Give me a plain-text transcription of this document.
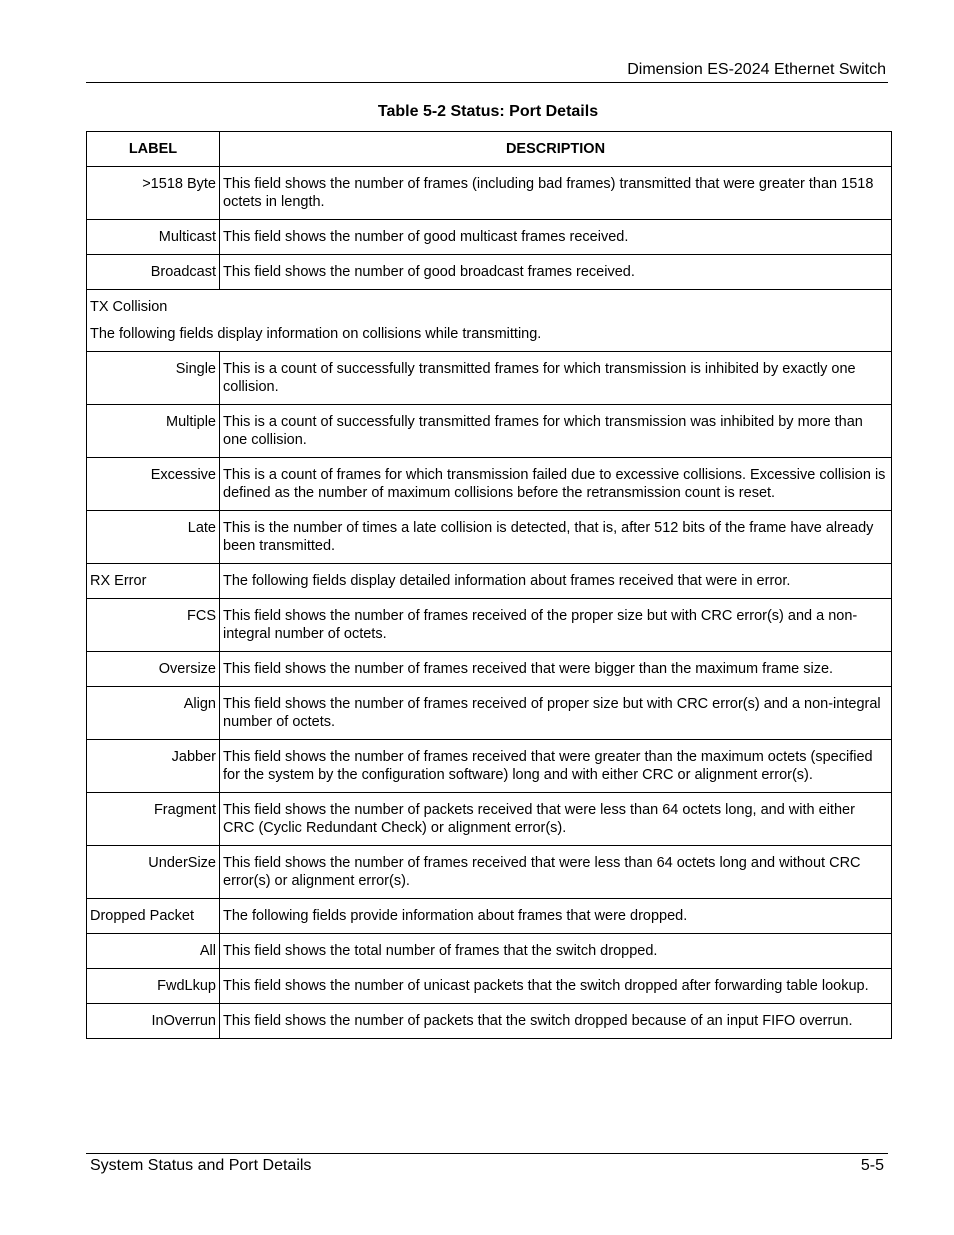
Dimension ES-2024 Ethernet Switch
Table 5-2 Status: Port Details
LABEL	DESCRIPTION
>1518 Byte	This field shows the number of frames (including bad frames) transmitted that were greater than 1518 octets in length.
Multicast	This field shows the number of good multicast frames received.
Broadcast	This field shows the number of good broadcast frames received.

TX Collision
The following fields display information on collisions while transmitting.	

Single	This is a count of successfully transmitted frames for which transmission is inhibited by exactly one collision.
Multiple	This is a count of successfully transmitted frames for which transmission was inhibited by more than one collision.
Excessive	This is a count of frames for which transmission failed due to excessive collisions. Excessive collision is defined as the number of maximum collisions before the retransmission count is reset.
Late	This is the number of times a late collision is detected, that is, after 512 bits of the frame have already been transmitted.
RX Error	The following fields display detailed information about frames received that were in error.
FCS	This field shows the number of frames received of the proper size but with CRC error(s) and a non-integral number of octets.
Oversize	This field shows the number of frames received that were bigger than the maximum frame size.
Align	This field shows the number of frames received of proper size but with CRC error(s) and a non-integral number of octets.
Jabber	This field shows the number of frames received that were greater than the maximum octets (specified for the system by the configuration software) long and with either CRC or alignment error(s).
Fragment	This field shows the number of packets received that were less than 64 octets long, and with either CRC (Cyclic Redundant Check) or alignment error(s).
UnderSize	This field shows the number of frames received that were less than 64 octets long and without CRC error(s) or alignment error(s).
Dropped Packet	The following fields provide information about frames that were dropped.
All	This field shows the total number of frames that the switch dropped.
FwdLkup	This field shows the number of unicast packets that the switch dropped after forwarding table lookup.
InOverrun	This field shows the number of packets that the switch dropped because of an input FIFO overrun.
System Status and Port Details	5-5
